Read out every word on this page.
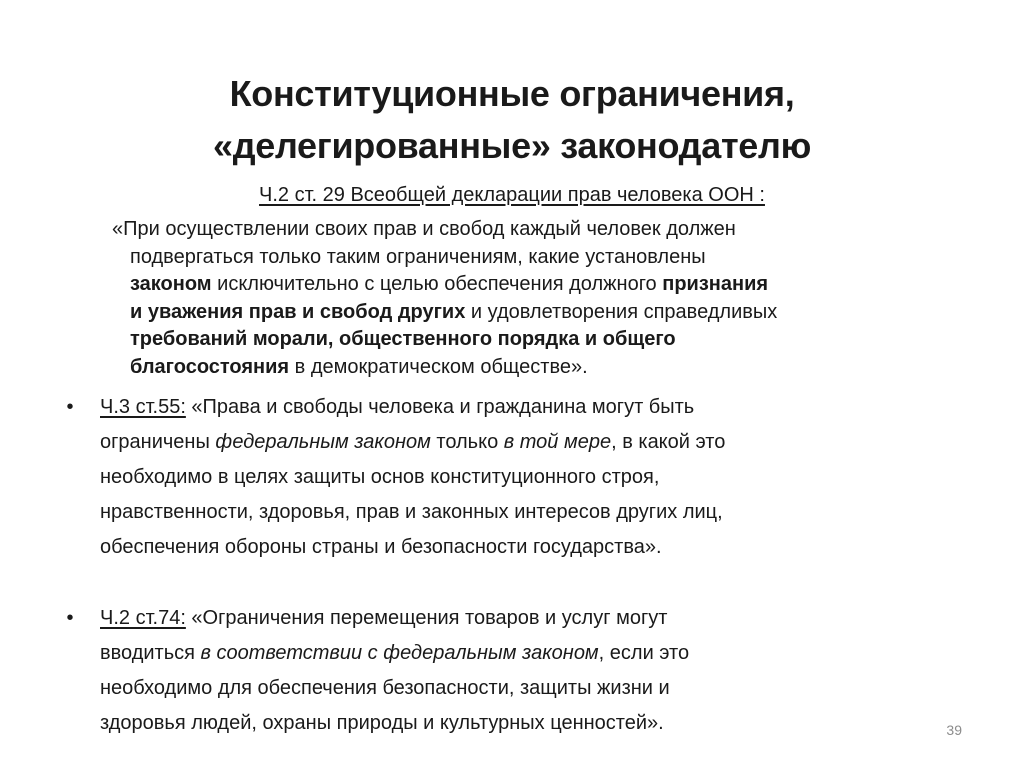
Конституционные ограничения,
«делегированные» законодателю
Ч.2 ст. 29 Всеобщей декларации прав человека ООН :
«При осуществлении своих прав и свобод каждый человек должен
подвергаться только таким ограничениям, какие установлены
законом исключительно с целью обеспечения должного признания
и уважения прав и свобод других и удовлетворения справедливых
требований морали, общественного порядка и общего
благосостояния в демократическом обществе».
•	Ч.3 ст.55: «Права и свободы человека и гражданина могут быть
ограничены федеральным законом только в той мере, в какой это
необходимо в целях защиты основ конституционного строя,
нравственности, здоровья, прав и законных интересов других лиц,
обеспечения обороны страны и безопасности государства».
•	Ч.2 ст.74: «Ограничения перемещения товаров и услуг могут
вводиться в соответствии с федеральным законом, если это
необходимо для обеспечения безопасности, защиты жизни и
здоровья людей, охраны природы и культурных ценностей».	39
